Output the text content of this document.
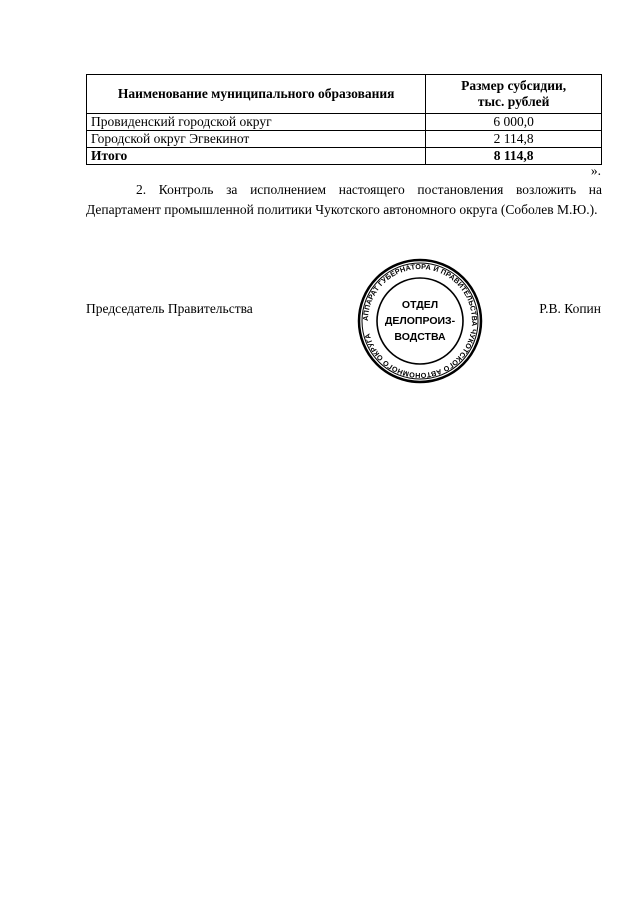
Наименование муниципального образования	Размер субсидии,
тыс. рублей

Провиденский городской округ	6 000,0
Городской округ Эгвекинот	2 114,8
Итого	8 114,8
».

2. Контроль за исполнением настоящего постановления возложить на Департамент промышленной политики Чукотского автономного округа (Соболев М.Ю.).

Председатель Правительства	Р.В. Копин
АППАРАТ ГУБЕРНАТОРА И ПРАВИТЕЛЬСТВА ЧУКОТСКОГО АВТОНОМНОГО ОКРУГА
ОТДЕЛ
ДЕЛОПРОИЗ-
ВОДСТВА
